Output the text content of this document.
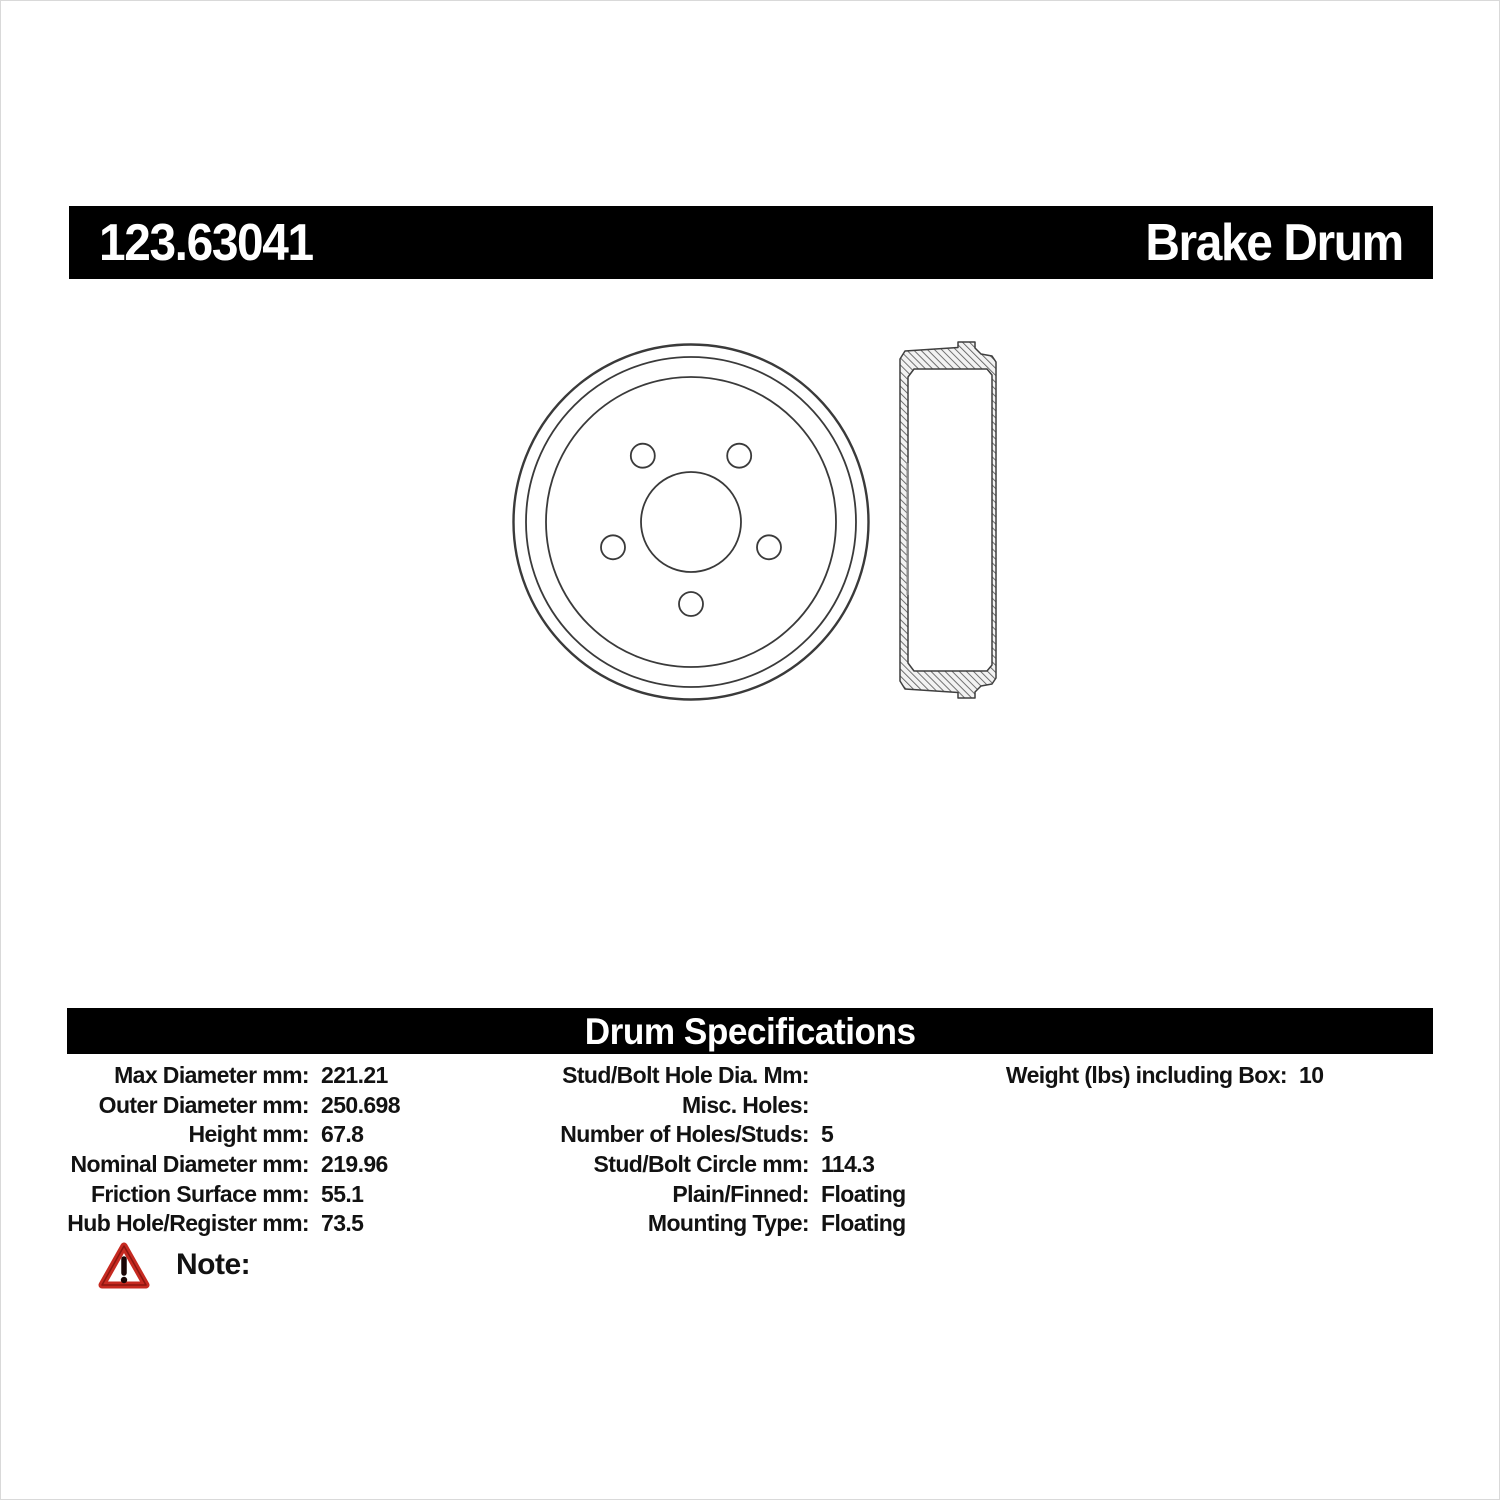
123.63041	Brake Drum
Drum Specifications
Max Diameter mm: 221.21
Outer Diameter mm: 250.698
Height mm: 67.8
Nominal Diameter mm: 219.96
Friction Surface mm: 55.1
Hub Hole/Register mm: 73.5
Stud/Bolt Hole Dia. Mm:
Misc. Holes:
Number of Holes/Studs: 5
Stud/Bolt Circle mm: 114.3
Plain/Finned: Floating
Mounting Type: Floating
Weight (lbs) including Box: 10
Note:
